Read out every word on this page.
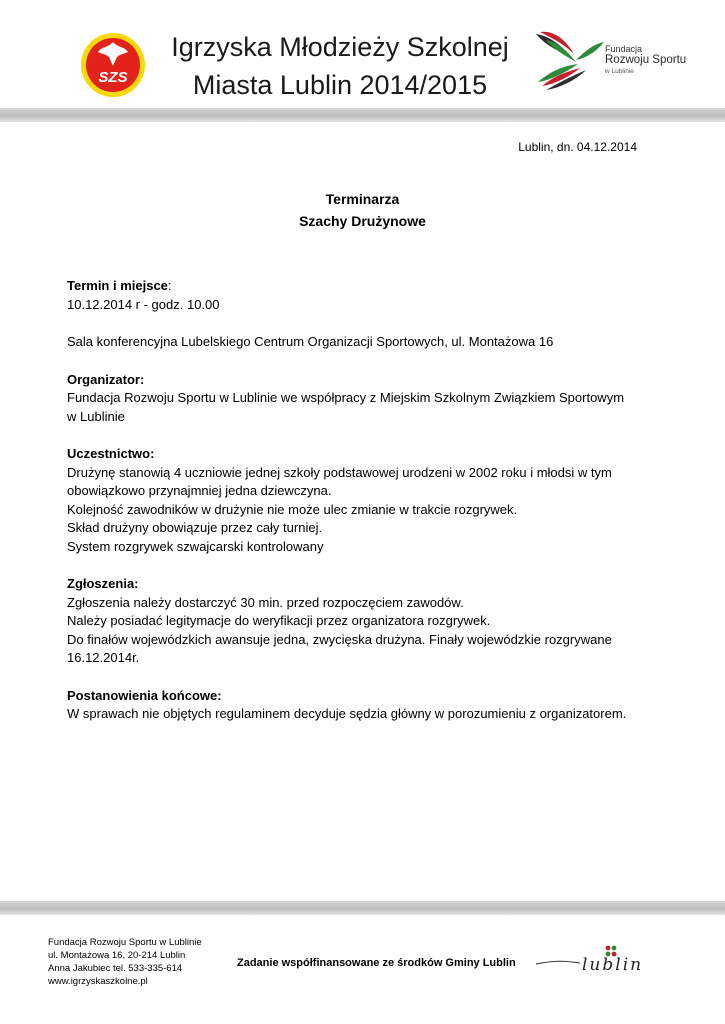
SZS
Igrzyska Młodzieży Szkolnej
Miasta Lublin 2014/2015
Fundacja
Rozwoju Sportu
w Lublinie
Lublin, dn. 04.12.2014
Terminarza
Szachy Drużynowe
Termin i miejsce:
10.12.2014 r - godz. 10.00
Sala konferencyjna Lubelskiego Centrum Organizacji Sportowych, ul. Montażowa 16
Organizator:
Fundacja Rozwoju Sportu w Lublinie we współpracy z Miejskim Szkolnym Związkiem Sportowym
w Lublinie
Uczestnictwo:
Drużynę stanowią 4 uczniowie jednej szkoły podstawowej urodzeni w 2002 roku i młodsi w tym
obowiązkowo przynajmniej jedna dziewczyna.
Kolejność zawodników w drużynie nie może ulec zmianie w trakcie rozgrywek.
Skład drużyny obowiązuje przez cały turniej.
System rozgrywek szwajcarski kontrolowany
Zgłoszenia:
Zgłoszenia należy dostarczyć 30 min. przed rozpoczęciem zawodów.
Należy posiadać legitymacje do weryfikacji przez organizatora rozgrywek.
Do finałów wojewódzkich awansuje jedna, zwycięska drużyna. Finały wojewódzkie rozgrywane
16.12.2014r.
Postanowienia końcowe:
W sprawach nie objętych regulaminem decyduje sędzia główny w porozumieniu z organizatorem.
Fundacja Rozwoju Sportu w Lublinie
ul. Montażowa 16, 20-214 Lublin
Anna Jakubiec tel. 533-335-614
www.igrzyskaszkolne.pl
Zadanie współfinansowane ze środków Gminy Lublin	lublin
